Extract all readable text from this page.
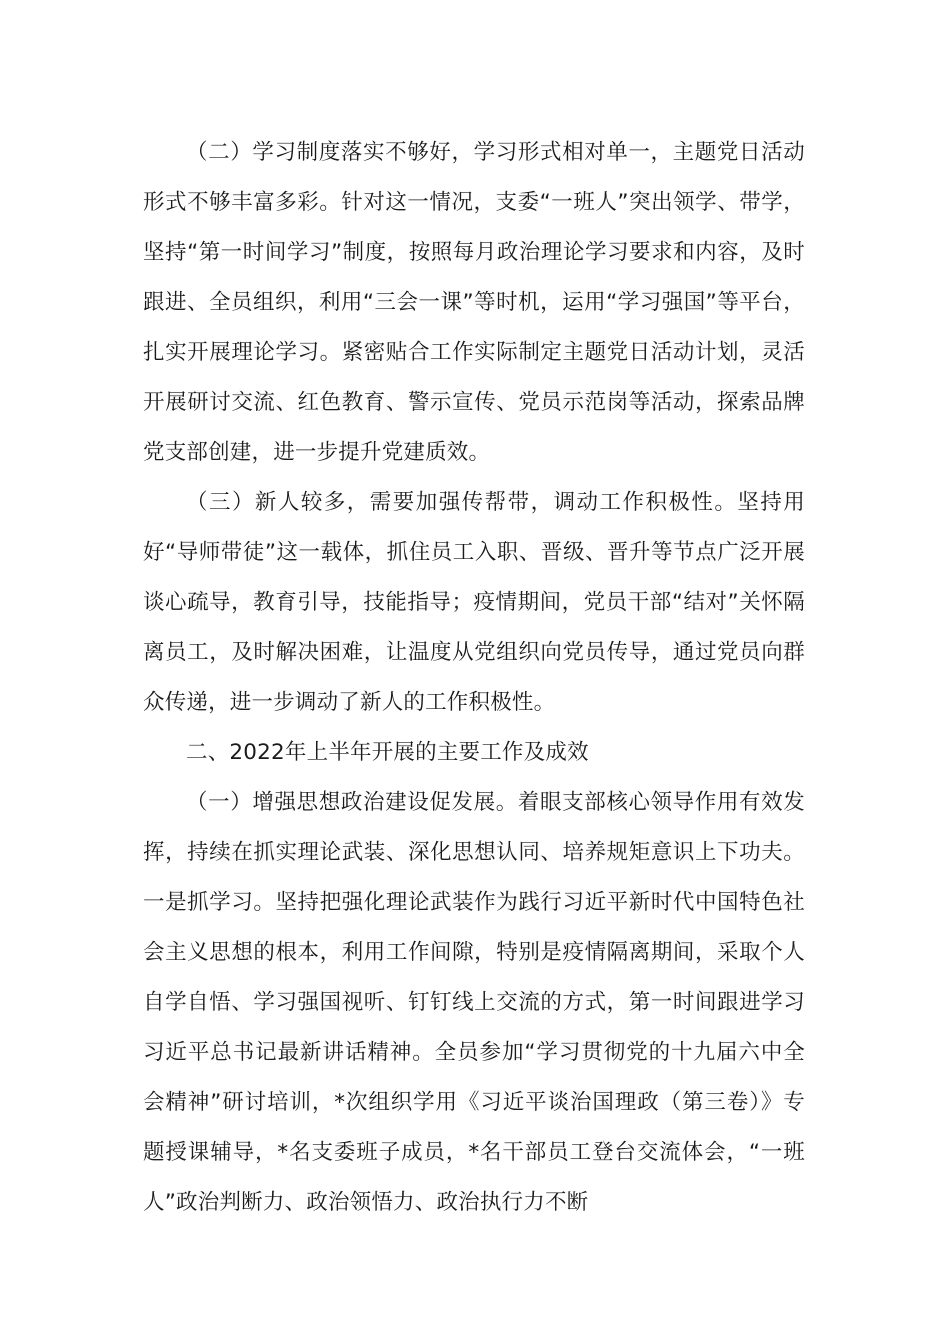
（二）学习制度落实不够好，学习形式相对单一，主题党日活动形式不够丰富多彩。针对这一情况，支委“一班人”突出领学、带学，坚持“第一时间学习”制度，按照每月政治理论学习要求和内容，及时跟进、全员组织，利用“三会一课”等时机，运用“学习强国”等平台，扎实开展理论学习。紧密贴合工作实际制定主题党日活动计划，灵活开展研讨交流、红色教育、警示宣传、党员示范岗等活动，探索品牌党支部创建，进一步提升党建质效。

（三）新人较多，需要加强传帮带，调动工作积极性。坚持用好“导师带徒”这一载体，抓住员工入职、晋级、晋升等节点广泛开展谈心疏导，教育引导，技能指导；疫情期间，党员干部“结对”关怀隔离员工，及时解决困难，让温度从党组织向党员传导，通过党员向群众传递，进一步调动了新人的工作积极性。

二、2022年上半年开展的主要工作及成效

（一）增强思想政治建设促发展。着眼支部核心领导作用有效发挥，持续在抓实理论武装、深化思想认同、培养规矩意识上下功夫。一是抓学习。坚持把强化理论武装作为践行习近平新时代中国特色社会主义思想的根本，利用工作间隙，特别是疫情隔离期间，采取个人自学自悟、学习强国视听、钉钉线上交流的方式，第一时间跟进学习习近平总书记最新讲话精神。全员参加“学习贯彻党的十九届六中全会精神”研讨培训，*次组织学用《习近平谈治国理政（第三卷）》专题授课辅导，*名支委班子成员，*名干部员工登台交流体会，“一班人”政治判断力、政治领悟力、政治执行力不断
